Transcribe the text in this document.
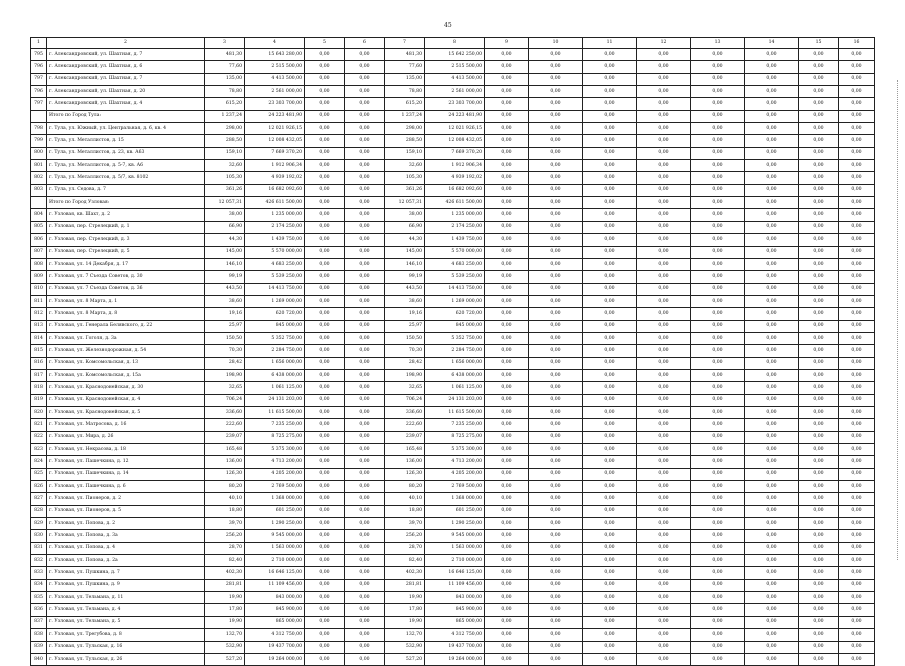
45
1	2	3	4	5	6	7	8	9	10	11	12	13	14	15	16
795	г. Александровский, ул. Шахтная, д. 7	481,30	15 643 280,00	0,00	0,00	481,30	15 642 250,00	0,00	0,00	0,00	0,00	0,00	0,00	0,00	0,00
796	г. Александровский, ул. Шахтная, д. 6	77,60	2 515 500,00	0,00	0,00	77,60	2 515 500,00	0,00	0,00	0,00	0,00	0,00	0,00	0,00	0,00
797	г. Александровский, ул. Шахтная, д. 7	135,00	4 413 500,00	0,00	0,00	135,00	4 413 500,00	0,00	0,00	0,00	0,00	0,00	0,00	0,00	0,00
796	г. Александровский, ул. Шахтная, д. 20	78,80	2 561 000,00	0,00	0,00	78,80	2 561 000,00	0,00	0,00	0,00	0,00	0,00	0,00	0,00	0,00
797	г. Александровский, ул. Шахтная, д. 4	615,20	23 303 700,00	0,00	0,00	615,20	23 303 700,00	0,00	0,00	0,00	0,00	0,00	0,00	0,00	0,00
	Итого по Город Тула:	1 237,24	24 223 481,90	0,00	0,00	1 237,24	24 223 481,90	0,00	0,00	0,00	0,00	0,00	0,00	0,00	0,00
798	г. Тула, ул. Южный, ул. Центральная, д. 6, кв. 4	298,00	12 021 926,15	0,00	0,00	298,00	12 021 926,15	0,00	0,00	0,00	0,00	0,00	0,00	0,00	0,00
799	г. Тула, ул. Металлистов, д. 15	288,50	12 008 432,05	0,00	0,00	288,50	12 008 432,05	0,00	0,00	0,00	0,00	0,00	0,00	0,00	0,00
800	г. Тула, ул. Металлистов, д. 23, кв. А63	159,10	7 669 370,20	0,00	0,00	159,10	7 669 370,20	0,00	0,00	0,00	0,00	0,00	0,00	0,00	0,00
801	г. Тула, ул. Металлистов, д. 5-7, кв. А6	32,60	1 912 906,34	0,00	0,00	32,60	1 912 906,34	0,00	0,00	0,00	0,00	0,00	0,00	0,00	0,00
802	г. Тула, ул. Металлистов, д. 5/7, кв. 8102	105,30	4 939 192,02	0,00	0,00	105,30	4 939 192,02	0,00	0,00	0,00	0,00	0,00	0,00	0,00	0,00
803	г. Тула, ул. Седова, д. 7	361,26	16 682 092,60	0,00	0,00	361,26	16 682 092,60	0,00	0,00	0,00	0,00	0,00	0,00	0,00	0,00
	Итого по Город Узловая:	12 057,31	426 611 500,00	0,00	0,00	12 057,31	426 611 500,00	0,00	0,00	0,00	0,00	0,00	0,00	0,00	0,00
804	г. Узловая, кв. Шахт, д. 2	38,00	1 235 000,00	0,00	0,00	38,00	1 235 000,00	0,00	0,00	0,00	0,00	0,00	0,00	0,00	0,00
805	г. Узловая, пер. Стрелецкий, д. 1	66,90	2 174 250,00	0,00	0,00	66,90	2 174 250,00	0,00	0,00	0,00	0,00	0,00	0,00	0,00	0,00
806	г. Узловая, пер. Стрелецкий, д. 3	44,30	1 439 750,00	0,00	0,00	44,30	1 439 750,00	0,00	0,00	0,00	0,00	0,00	0,00	0,00	0,00
807	г. Узловая, пер. Стрелецкий, д. 5	145,00	5 570 000,00	0,00	0,00	145,00	5 570 000,00	0,00	0,00	0,00	0,00	0,00	0,00	0,00	0,00
808	г. Узловая, ул. 14 Декабря, д. 17	146,10	4 683 250,00	0,00	0,00	146,10	4 683 250,00	0,00	0,00	0,00	0,00	0,00	0,00	0,00	0,00
809	г. Узловая, ул. 7 Съезда Советов, д. 30	99,19	5 539 250,00	0,00	0,00	99,19	5 539 250,00	0,00	0,00	0,00	0,00	0,00	0,00	0,00	0,00
810	г. Узловая, ул. 7 Съезда Советов, д. 36	443,50	14 413 750,00	0,00	0,00	443,50	14 413 750,00	0,00	0,00	0,00	0,00	0,00	0,00	0,00	0,00
811	г. Узловая, ул. 8 Марта, д. 1	38,60	1 269 000,00	0,00	0,00	38,60	1 269 000,00	0,00	0,00	0,00	0,00	0,00	0,00	0,00	0,00
812	г. Узловая, ул. 8 Марта, д. 8	19,16	620 720,00	0,00	0,00	19,16	620 720,00	0,00	0,00	0,00	0,00	0,00	0,00	0,00	0,00
813	г. Узловая, ул. Генерала Белявского, д. 22	25,97	845 000,00	0,00	0,00	25,97	845 000,00	0,00	0,00	0,00	0,00	0,00	0,00	0,00	0,00
814	г. Узловая, ул. Гоголя, д. 3а	150,50	5 352 750,00	0,00	0,00	150,50	5 352 750,00	0,00	0,00	0,00	0,00	0,00	0,00	0,00	0,00
815	г. Узловая, ул. Железнодорожная, д. 54	70,30	2 284 750,00	0,00	0,00	70,30	2 284 750,00	0,00	0,00	0,00	0,00	0,00	0,00	0,00	0,00
816	г. Узловая, ул. Комсомольская, д. 13	28,42	1 656 000,00	0,00	0,00	28,42	1 656 000,00	0,00	0,00	0,00	0,00	0,00	0,00	0,00	0,00
817	г. Узловая, ул. Комсомольская, д. 15а	198,90	6 438 000,00	0,00	0,00	198,90	6 438 000,00	0,00	0,00	0,00	0,00	0,00	0,00	0,00	0,00
818	г. Узловая, ул. Краснодонейская, д. 30	32,65	1 061 125,00	0,00	0,00	32,65	1 061 125,00	0,00	0,00	0,00	0,00	0,00	0,00	0,00	0,00
819	г. Узловая, ул. Краснодонейская, д. 4	706,24	24 131 203,00	0,00	0,00	706,24	24 131 203,00	0,00	0,00	0,00	0,00	0,00	0,00	0,00	0,00
820	г. Узловая, ул. Краснодонейская, д. 5	336,60	11 615 500,00	0,00	0,00	336,60	11 615 500,00	0,00	0,00	0,00	0,00	0,00	0,00	0,00	0,00
821	г. Узловая, ул. Матросова, д. 16	222,60	7 235 250,00	0,00	0,00	222,60	7 235 250,00	0,00	0,00	0,00	0,00	0,00	0,00	0,00	0,00
822	г. Узловая, ул. Мира, д. 26	239,07	8 725 275,00	0,00	0,00	239,07	8 725 275,00	0,00	0,00	0,00	0,00	0,00	0,00	0,00	0,00
823	г. Узловая, ул. Некрасова, д. 18	165,48	5 375 300,00	0,00	0,00	165,48	5 375 300,00	0,00	0,00	0,00	0,00	0,00	0,00	0,00	0,00
824	г. Узловая, ул. Пашечкина, д. 12	136,00	4 713 200,00	0,00	0,00	136,00	4 713 200,00	0,00	0,00	0,00	0,00	0,00	0,00	0,00	0,00
825	г. Узловая, ул. Пашечкина, д. 14	126,30	4 205 200,00	0,00	0,00	126,30	4 205 200,00	0,00	0,00	0,00	0,00	0,00	0,00	0,00	0,00
826	г. Узловая, ул. Пашечкина, д. 6	80,20	2 769 500,00	0,00	0,00	80,20	2 769 500,00	0,00	0,00	0,00	0,00	0,00	0,00	0,00	0,00
827	г. Узловая, ул. Пионеров, д. 2	40,10	1 368 000,00	0,00	0,00	40,10	1 368 000,00	0,00	0,00	0,00	0,00	0,00	0,00	0,00	0,00
828	г. Узловая, ул. Пионеров, д. 5	18,80	601 250,00	0,00	0,00	18,80	601 250,00	0,00	0,00	0,00	0,00	0,00	0,00	0,00	0,00
829	г. Узловая, ул. Попова, д. 2	39,70	1 290 250,00	0,00	0,00	39,70	1 290 250,00	0,00	0,00	0,00	0,00	0,00	0,00	0,00	0,00
830	г. Узловая, ул. Попова, д. 3а	256,20	9 545 000,00	0,00	0,00	256,20	9 545 000,00	0,00	0,00	0,00	0,00	0,00	0,00	0,00	0,00
831	г. Узловая, ул. Попова, д. 4	28,70	1 563 000,00	0,00	0,00	28,70	1 563 000,00	0,00	0,00	0,00	0,00	0,00	0,00	0,00	0,00
832	г. Узловая, ул. Попова, д. 2а	82,40	2 710 000,00	0,00	0,00	82,40	2 710 000,00	0,00	0,00	0,00	0,00	0,00	0,00	0,00	0,00
833	г. Узловая, ул. Пушкина, д. 7	402,30	16 646 125,00	0,00	0,00	402,30	16 646 125,00	0,00	0,00	0,00	0,00	0,00	0,00	0,00	0,00
834	г. Узловая, ул. Пушкина, д. 9	281,81	11 109 456,00	0,00	0,00	281,81	11 109 456,00	0,00	0,00	0,00	0,00	0,00	0,00	0,00	0,00
835	г. Узловая, ул. Тельмана, д. 11	19,90	843 000,00	0,00	0,00	19,90	843 000,00	0,00	0,00	0,00	0,00	0,00	0,00	0,00	0,00
836	г. Узловая, ул. Тельмана, д. 4	17,80	845 900,00	0,00	0,00	17,80	845 900,00	0,00	0,00	0,00	0,00	0,00	0,00	0,00	0,00
837	г. Узловая, ул. Тельмана, д. 5	19,90	865 000,00	0,00	0,00	19,90	865 000,00	0,00	0,00	0,00	0,00	0,00	0,00	0,00	0,00
838	г. Узловая, ул. Трегубова, д. 8	132,70	4 312 750,00	0,00	0,00	132,70	4 312 750,00	0,00	0,00	0,00	0,00	0,00	0,00	0,00	0,00
839	г. Узловая, ул. Тульская, д. 16	532,90	19 437 700,00	0,00	0,00	532,90	19 437 700,00	0,00	0,00	0,00	0,00	0,00	0,00	0,00	0,00
840	г. Узловая, ул. Тульская, д. 26	527,20	19 264 000,00	0,00	0,00	527,20	19 264 000,00	0,00	0,00	0,00	0,00	0,00	0,00	0,00	0,00
